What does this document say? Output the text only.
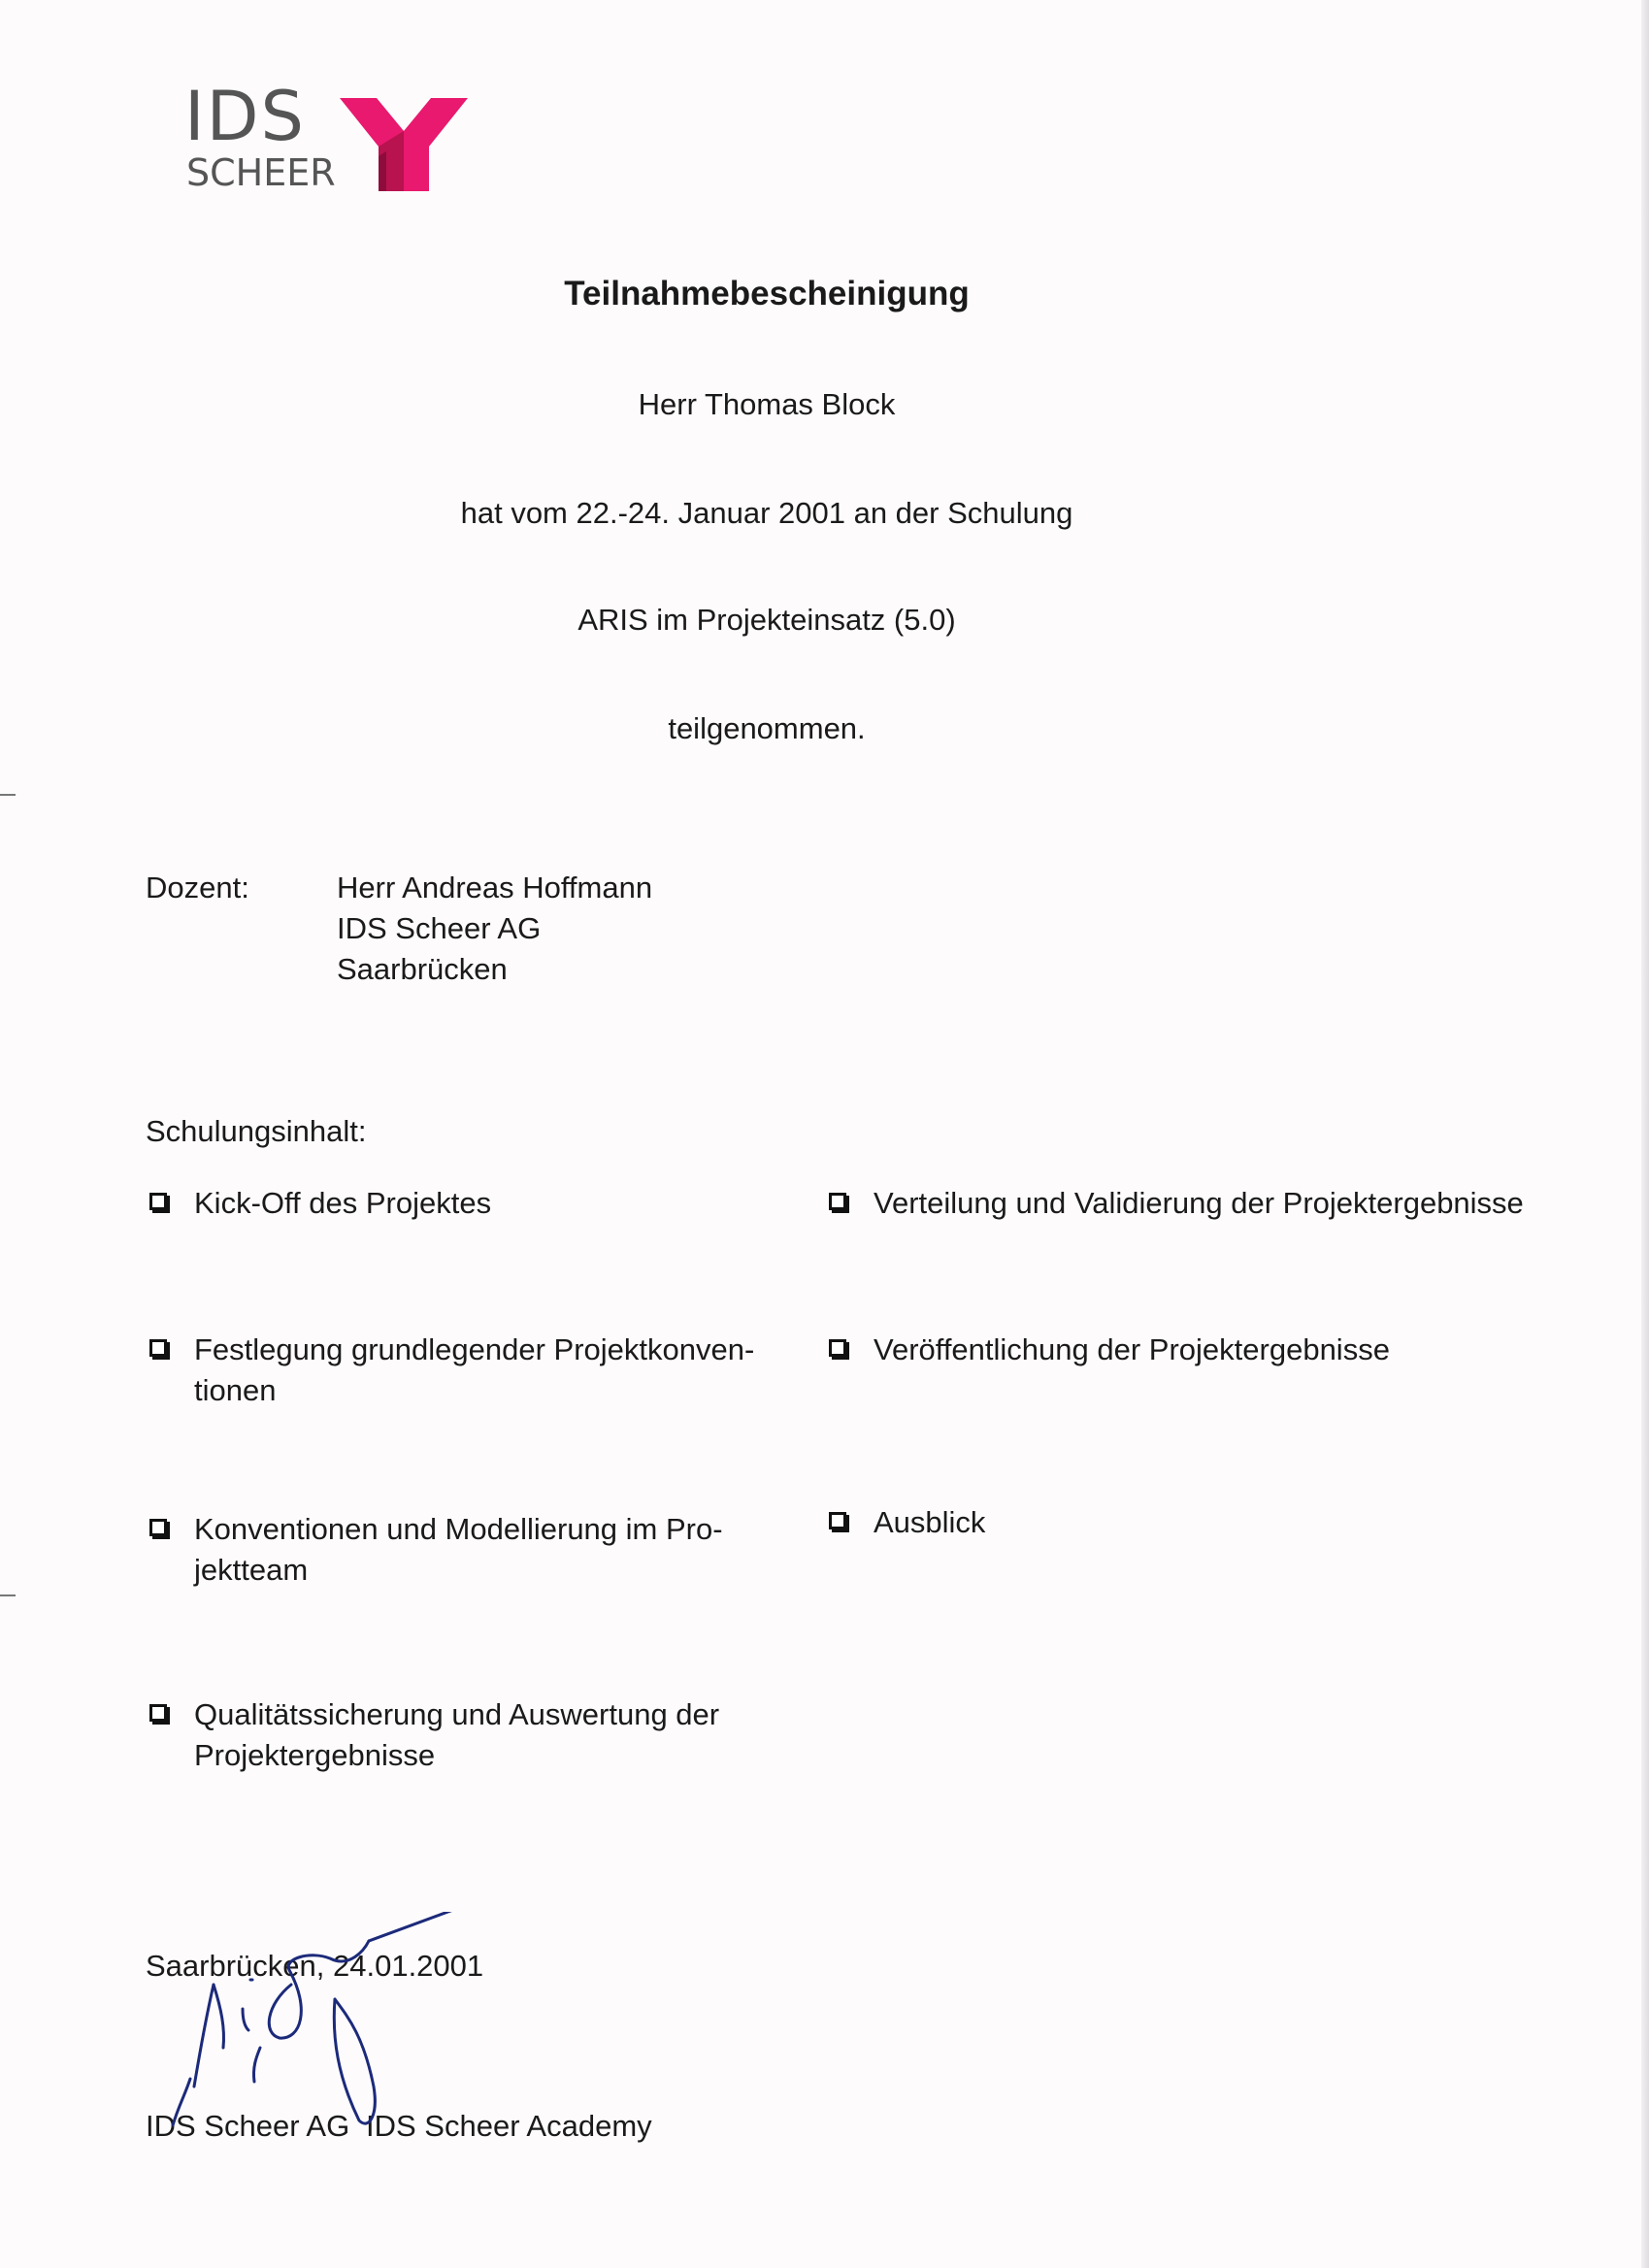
IDS
SCHEER
Teilnahmebescheinigung
Herr Thomas Block
hat vom 22.-24. Januar 2001 an der Schulung
ARIS im Projekteinsatz (5.0)
teilgenommen.
Dozent:	Herr Andreas Hoffmann
IDS Scheer AG
Saarbrücken
Schulungsinhalt:
Kick-Off des Projektes
Festlegung grundlegender Projektkonven-
tionen
Konventionen und Modellierung im Pro-
jektteam
Qualitätssicherung und Auswertung der
Projektergebnisse
Verteilung und Validierung der Projektergebnisse
Veröffentlichung der Projektergebnisse
Ausblick
Saarbrücken, 24.01.2001
IDS Scheer AG IDS Scheer Academy
